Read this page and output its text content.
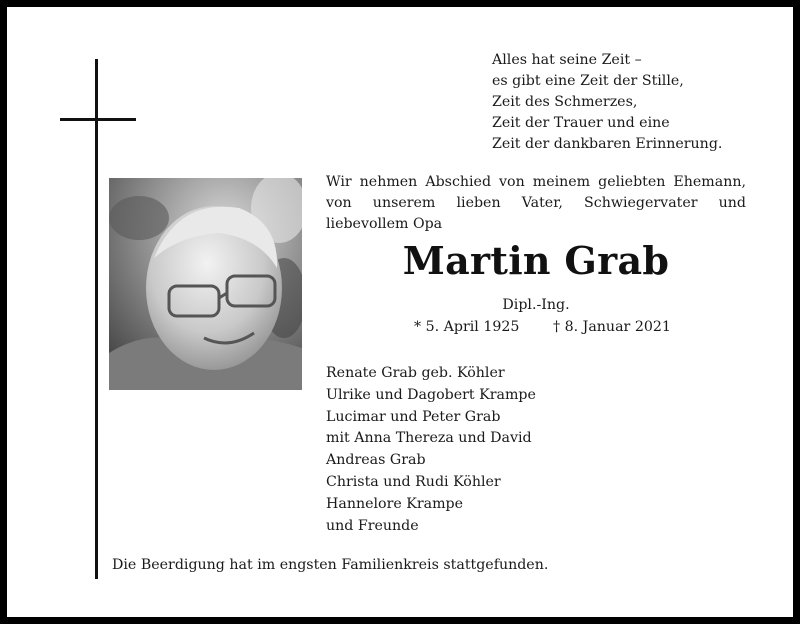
Alles hat seine Zeit –
es gibt eine Zeit der Stille,
Zeit des Schmerzes,
Zeit der Trauer und eine
Zeit der dankbaren Erinnerung.
Wir nehmen Abschied von meinem geliebten Ehemann, von unserem lieben Vater, Schwiegervater und liebevollem Opa
Martin Grab
Dipl.-Ing.
* 5. April 1925 † 8. Januar 2021
Renate Grab geb. Köhler
Ulrike und Dagobert Krampe
Lucimar und Peter Grab
mit Anna Thereza und David
Andreas Grab
Christa und Rudi Köhler
Hannelore Krampe
und Freunde
Die Beerdigung hat im engsten Familienkreis stattgefunden.
